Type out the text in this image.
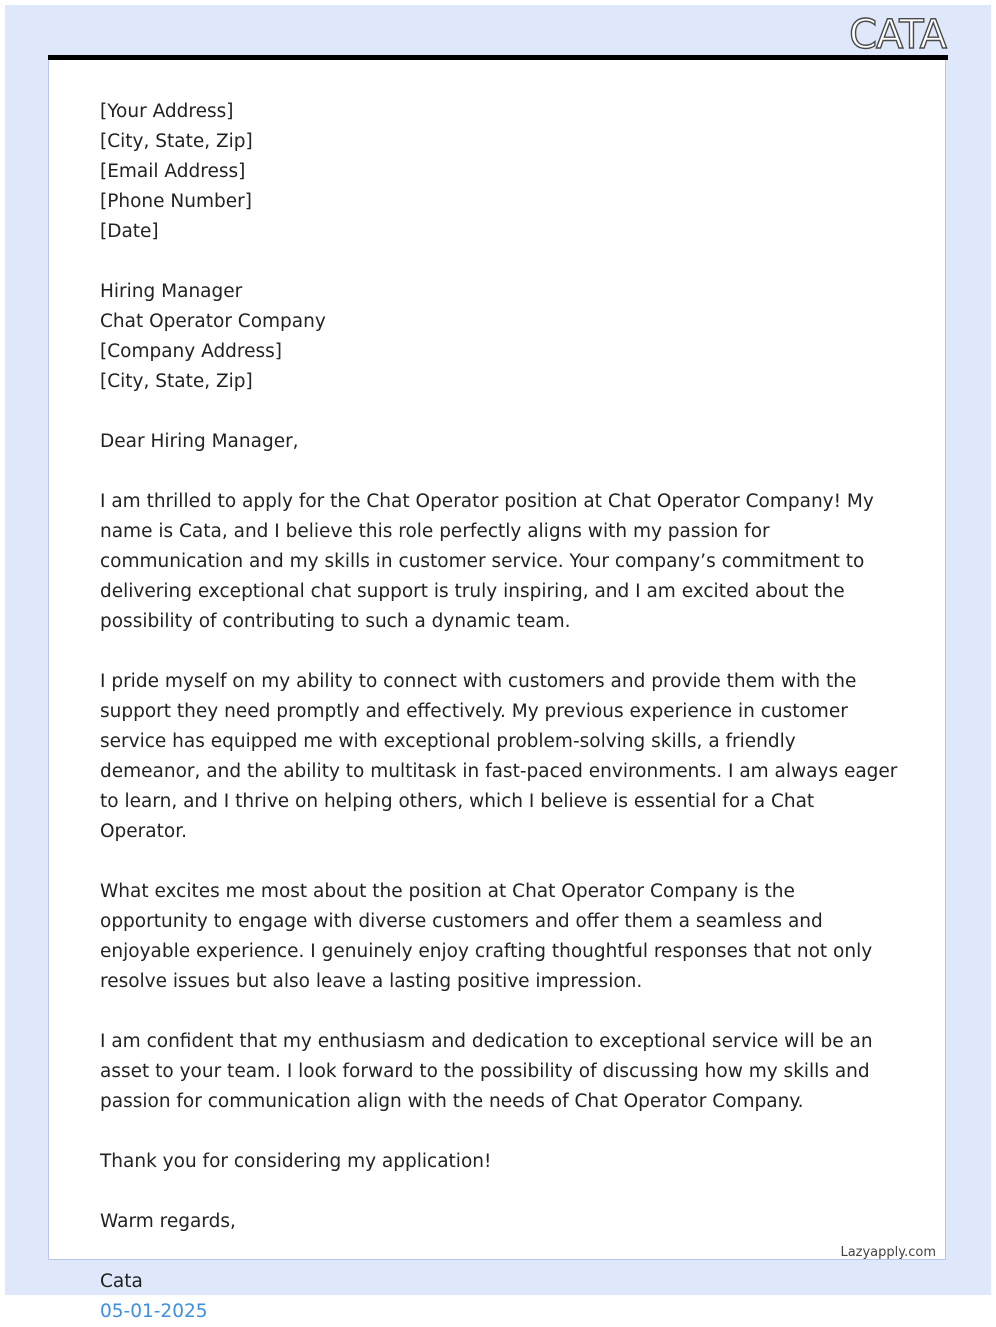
CATA
[Your Address]
[City, State, Zip]
[Email Address]
[Phone Number]
[Date]
Hiring Manager
Chat Operator Company
[Company Address]
[City, State, Zip]
Dear Hiring Manager,
I am thrilled to apply for the Chat Operator position at Chat Operator Company! My name is Cata, and I believe this role perfectly aligns with my passion for communication and my skills in customer service. Your company’s commitment to delivering exceptional chat support is truly inspiring, and I am excited about the possibility of contributing to such a dynamic team.
I pride myself on my ability to connect with customers and provide them with the support they need promptly and effectively. My previous experience in customer service has equipped me with exceptional problem-solving skills, a friendly demeanor, and the ability to multitask in fast-paced environments. I am always eager to learn, and I thrive on helping others, which I believe is essential for a Chat Operator.
What excites me most about the position at Chat Operator Company is the opportunity to engage with diverse customers and offer them a seamless and enjoyable experience. I genuinely enjoy crafting thoughtful responses that not only resolve issues but also leave a lasting positive impression.
I am confident that my enthusiasm and dedication to exceptional service will be an asset to your team. I look forward to the possibility of discussing how my skills and passion for communication align with the needs of Chat Operator Company.
Thank you for considering my application!
Warm regards,
Cata
05-01-2025
Lazyapply.com
